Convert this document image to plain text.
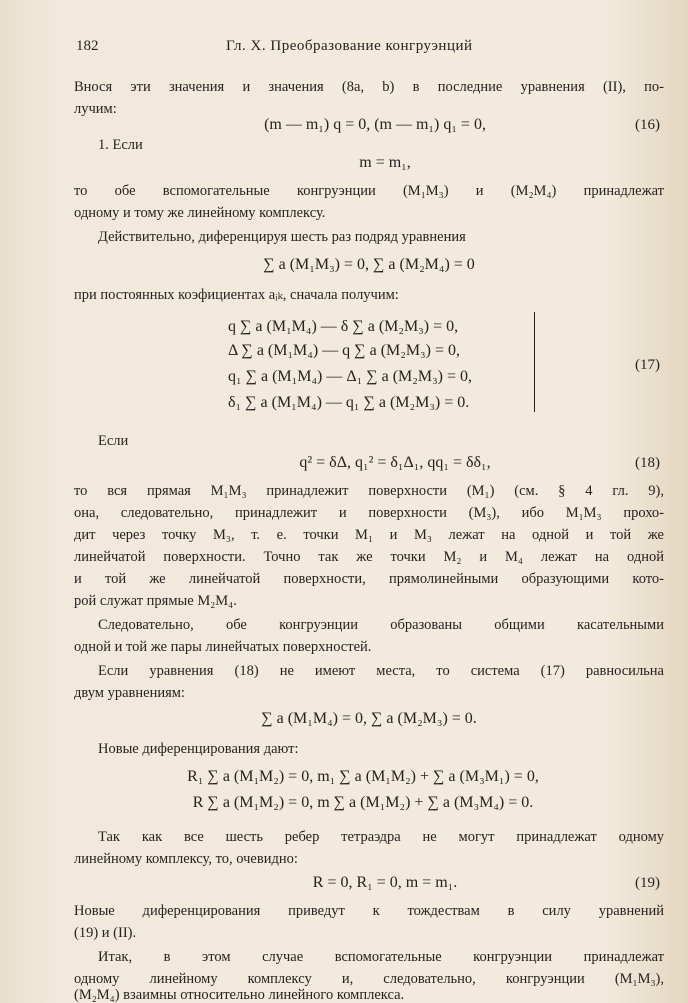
182	Гл. X. Преобразование конгруэнций
Внося эти значения и значения (8a, b) в последние уравнения (II), по-
лучим:
(m — m₁) q = 0, (m — m₁) q₁ = 0,	(16)
1. Если
m = m₁,
то обе вспомогательные конгруэнции (M₁M₃) и (M₂M₄) принадлежат
одному и тому же линейному комплексу.
Действительно, диференцируя шесть раз подряд уравнения
∑ a (M₁M₃) = 0, ∑ a (M₂M₄) = 0
при постоянных коэфициентах aᵢₖ, сначала получим:
q ∑ a (M₁M₄) — δ ∑ a (M₂M₃) = 0,
Δ ∑ a (M₁M₄) — q ∑ a (M₂M₃) = 0,
q₁ ∑ a (M₁M₄) — Δ₁ ∑ a (M₂M₃) = 0,
δ₁ ∑ a (M₁M₄) — q₁ ∑ a (M₂M₃) = 0.
(17)
Если
q² = δΔ, q₁² = δ₁Δ₁, qq₁ = δδ₁,	(18)
то вся прямая M₁M₃ принадлежит поверхности (M₁) (см. § 4 гл. 9),
она, следовательно, принадлежит и поверхности (M₃), ибо M₁M₃ прохо-
дит через точку M₃, т. е. точки M₁ и M₃ лежат на одной и той же
линейчатой поверхности. Точно так же точки M₂ и M₄ лежат на одной
и той же линейчатой поверхности, прямолинейными образующими кото-
рой служат прямые M₂M₄.
Следовательно, обе конгруэнции образованы общими касательными
одной и той же пары линейчатых поверхностей.
Если уравнения (18) не имеют места, то система (17) равносильна
двум уравнениям:
∑ a (M₁M₄) = 0, ∑ a (M₂M₃) = 0.
Новые диференцирования дают:
R₁ ∑ a (M₁M₂) = 0, m₁ ∑ a (M₁M₂) + ∑ a (M₃M₁) = 0,
R ∑ a (M₁M₂) = 0, m ∑ a (M₁M₂) + ∑ a (M₃M₄) = 0.
Так как все шесть ребер тетраэдра не могут принадлежат одному
линейному комплексу, то, очевидно:
R = 0, R₁ = 0, m = m₁.	(19)
Новые диференцирования приведут к тождествам в силу уравнений
(19) и (II).
Итак, в этом случае вспомогательные конгруэнции принадлежат
одному линейному комплексу и, следовательно, конгруэнции (M₁M₃),
(M₂M₄) взаимны относительно линейного комплекса.
